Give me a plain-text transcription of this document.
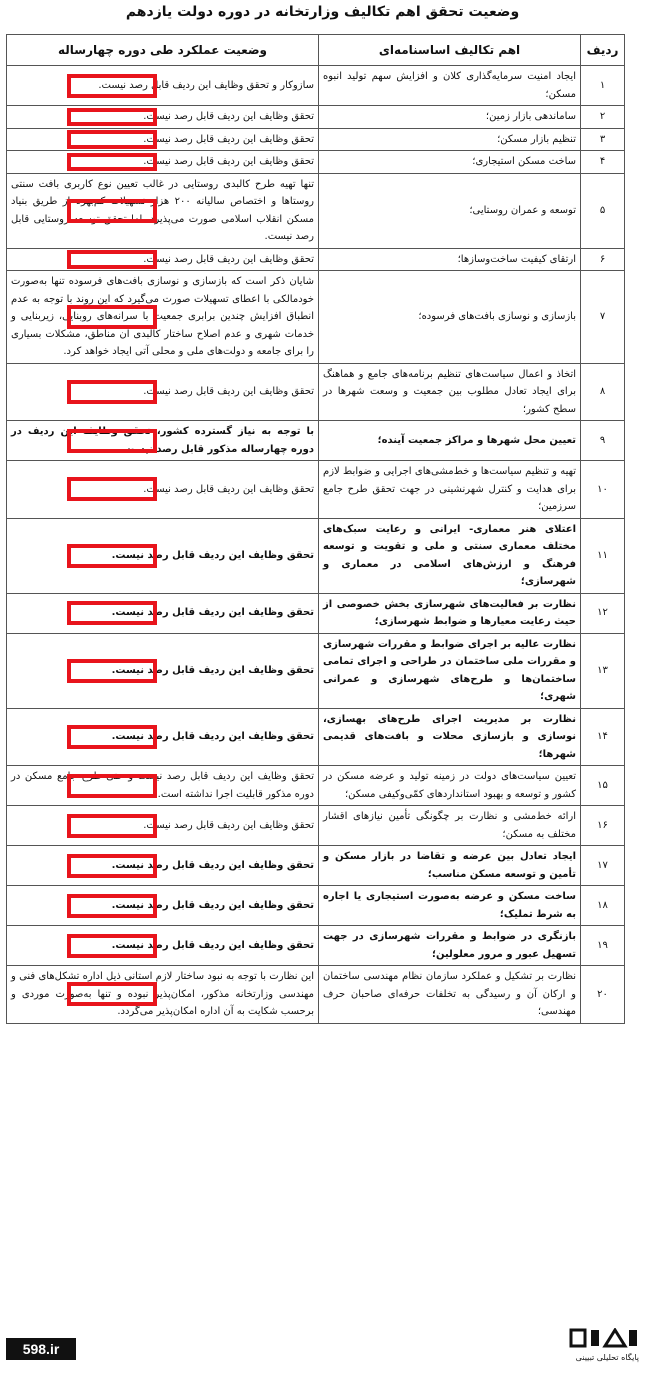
وضعیت تحقق اهم تکالیف وزارتخانه در دوره دولت یازدهم
ردیف	اهم تکالیف اساسنامه‌ای	وضعیت عملکرد طی دوره چهارساله
۱	ایجاد امنیت سرمایه‌گذاری کلان و افزایش سهم تولید انبوه مسکن؛	سازوکار و تحقق وظایف این ردیف قابل رصد نیست.
۲	ساماندهی بازار زمین؛	تحقق وظایف این ردیف قابل رصد نیست.
۳	تنظیم بازار مسکن؛	تحقق وظایف این ردیف قابل رصد نیست.
۴	ساخت مسکن استیجاری؛	تحقق وظایف این ردیف قابل رصد نیست.
۵	توسعه و عمران روستایی؛	تنها تهیه طرح کالبدی روستایی در غالب تعیین نوع کاربری بافت سنتی روستاها و اختصاص سالیانه ۲۰۰ هزار تسهیلات کم‌بهره از طریق بنیاد مسکن انقلاب اسلامی صورت می‌پذیرد، اما تحقق توسعه روستایی قابل رصد نیست.
۶	ارتقای کیفیت ساخت‌وسازها؛	تحقق وظایف این ردیف قابل رصد نیست.
۷	بازسازی و نوسازی بافت‌های فرسوده؛	شایان ذکر است که بازسازی و نوسازی بافت‌های فرسوده تنها به‌صورت خودمالکی با اعطای تسهیلات صورت می‌گیرد که این روند با توجه به عدم انطباق افزایش چندین برابری جمعیت با سرانه‌های روبنایی، زیربنایی و خدمات شهری و عدم اصلاح ساختار کالبدی آن مناطق، مشکلات بسیاری را برای جامعه و دولت‌های ملی و محلی آتی ایجاد خواهد کرد.
۸	اتخاذ و اعمال سیاست‌های تنظیم برنامه‌های جامع و هماهنگ برای ایجاد تعادل مطلوب بین جمعیت و وسعت شهرها در سطح کشور؛	تحقق وظایف این ردیف قابل رصد نیست.
۹	تعیین محل شهرها و مراکز جمعیت آینده؛	با توجه به نیاز گسترده کشور، تحقق وظایف این ردیف در دوره چهارساله مذکور قابل رصد نیست.
۱۰	تهیه و تنظیم سیاست‌ها و خط‌مشی‌های اجرایی و ضوابط لازم برای هدایت و کنترل شهرنشینی در جهت تحقق طرح جامع سرزمین؛	تحقق وظایف این ردیف قابل رصد نیست.
۱۱	اعتلای هنر معماری- ایرانی و رعایت سبک‌های مختلف معماری سنتی و ملی و تقویت و توسعه فرهنگ و ارزش‌های اسلامی در معماری و شهرسازی؛	تحقق وظایف این ردیف قابل رصد نیست.
۱۲	نظارت بر فعالیت‌های شهرسازی بخش خصوصی از حیث رعایت معیارها و ضوابط شهرسازی؛	تحقق وظایف این ردیف قابل رصد نیست.
۱۳	نظارت عالیه بر اجرای ضوابط و مقررات شهرسازی و مقررات ملی ساختمان در طراحی و اجرای تمامی ساختمان‌ها و طرح‌های شهرسازی و عمرانی شهری؛	تحقق وظایف این ردیف قابل رصد نیست.
۱۴	نظارت بر مدیریت اجرای طرح‌های بهسازی، نوسازی و بازسازی محلات و بافت‌های قدیمی شهرها؛	تحقق وظایف این ردیف قابل رصد نیست.
۱۵	تعیین سیاست‌های دولت در زمینه تولید و عرضه مسکن در کشور و توسعه و بهبود استانداردهای کمّی‌وکیفی مسکن؛	تحقق وظایف این ردیف قابل رصد نیست و حتی طرح جامع مسکن در دوره مذکور قابلیت اجرا نداشته است.
۱۶	ارائه خط‌مشی و نظارت بر چگونگی تأمین نیازهای اقشار مختلف به مسکن؛	تحقق وظایف این ردیف قابل رصد نیست.
۱۷	ایجاد تعادل بین عرضه و تقاضا در بازار مسکن و تأمین و توسعه مسکن مناسب؛	تحقق وظایف این ردیف قابل رصد نیست.
۱۸	ساخت مسکن و عرضه به‌صورت استیجاری یا اجاره به شرط تملیک؛	تحقق وظایف این ردیف قابل رصد نیست.
۱۹	بازنگری در ضوابط و مقررات شهرسازی در جهت تسهیل عبور و مرور معلولین؛	تحقق وظایف این ردیف قابل رصد نیست.
۲۰	نظارت بر تشکیل و عملکرد سازمان نظام مهندسی ساختمان و ارکان آن و رسیدگی به تخلفات حرفه‌ای صاحبان حرف مهندسی؛	این نظارت با توجه به نبود ساختار لازم استانی ذیل اداره تشکل‌های فنی و مهندسی وزارتخانه مذکور، امکان‌پذیر نبوده و تنها به‌صورت موردی و برحسب شکایت به آن اداره امکان‌پذیر می‌گردد.
598.ir
پایگاه تحلیلی تبیینی
